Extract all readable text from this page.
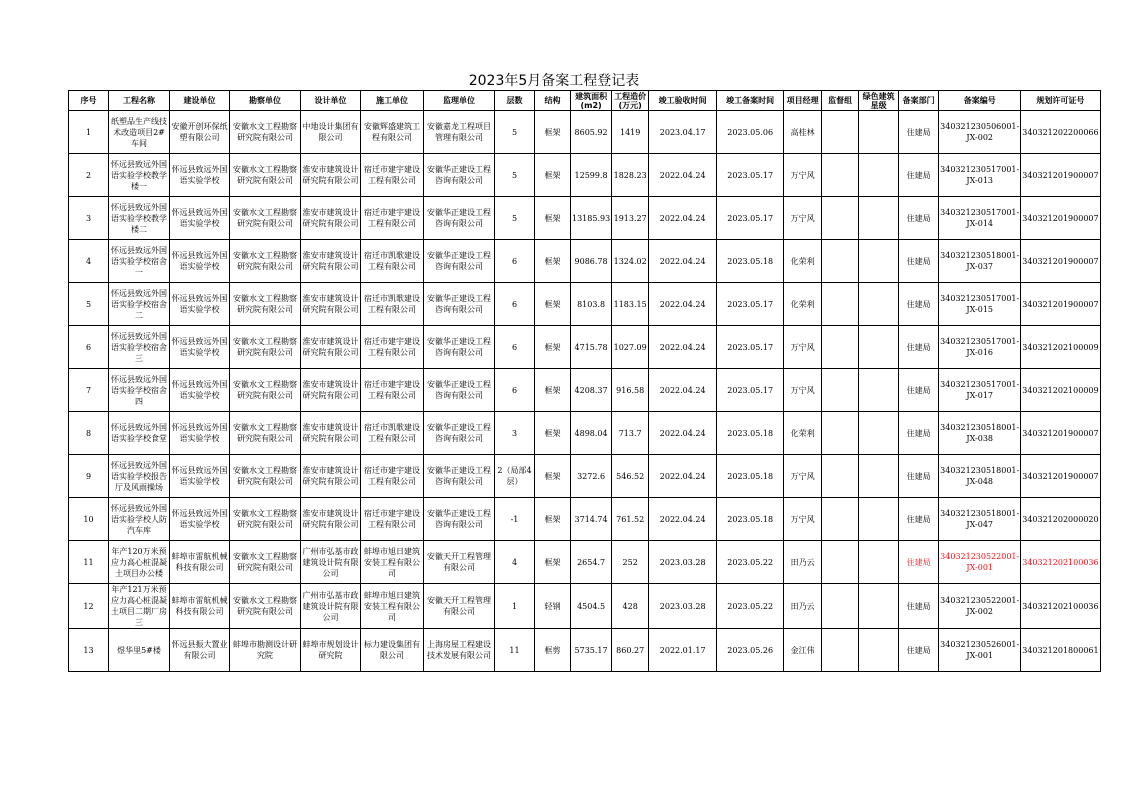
2023年5月备案工程登记表
序号	工程名称	建设单位	勘察单位	设计单位	施工单位	监理单位	层数	结构	建筑面积(m2)	工程造价(万元)	竣工验收时间	竣工备案时间	项目经理	监督组	绿色建筑星级	备案部门	备案编号	规划许可证号
1	纸塑品生产线技术改造项目2#车间	安徽开创环保纸塑有限公司	安徽水文工程勘察研究院有限公司	中地设计集团有限公司	安徽辉盛建筑工程有限公司	安徽嘉龙工程项目管理有限公司	5	框架	8605.92	1419	2023.04.17	2023.05.06	高桂林			住建局	340321230506001-JX-002	340321202200066
2	怀远县致远外国语实验学校教学楼一	怀远县致远外国语实验学校	安徽水文工程勘察研究院有限公司	淮安市建筑设计研究院有限公司	宿迁市建宇建设工程有限公司	安徽华正建设工程咨询有限公司	5	框架	12599.8	1828.23	2022.04.24	2023.05.17	万宁风			住建局	340321230517001-JX-013	340321201900007
3	怀远县致远外国语实验学校教学楼二	怀远县致远外国语实验学校	安徽水文工程勘察研究院有限公司	淮安市建筑设计研究院有限公司	宿迁市建宇建设工程有限公司	安徽华正建设工程咨询有限公司	5	框架	13185.93	1913.27	2022.04.24	2023.05.17	万宁风			住建局	340321230517001-JX-014	340321201900007
4	怀远县致远外国语实验学校宿舍一	怀远县致远外国语实验学校	安徽水文工程勘察研究院有限公司	淮安市建筑设计研究院有限公司	宿迁市凯歌建设工程有限公司	安徽华正建设工程咨询有限公司	6	框架	9086.78	1324.02	2022.04.24	2023.05.18	化荣利			住建局	340321230518001-JX-037	340321201900007
5	怀远县致远外国语实验学校宿舍二	怀远县致远外国语实验学校	安徽水文工程勘察研究院有限公司	淮安市建筑设计研究院有限公司	宿迁市凯歌建设工程有限公司	安徽华正建设工程咨询有限公司	6	框架	8103.8	1183.15	2022.04.24	2023.05.17	化荣利			住建局	340321230517001-JX-015	340321201900007
6	怀远县致远外国语实验学校宿舍三	怀远县致远外国语实验学校	安徽水文工程勘察研究院有限公司	淮安市建筑设计研究院有限公司	宿迁市建宇建设工程有限公司	安徽华正建设工程咨询有限公司	6	框架	4715.78	1027.09	2022.04.24	2023.05.17	万宁风			住建局	340321230517001-JX-016	340321202100009
7	怀远县致远外国语实验学校宿舍四	怀远县致远外国语实验学校	安徽水文工程勘察研究院有限公司	淮安市建筑设计研究院有限公司	宿迁市建宇建设工程有限公司	安徽华正建设工程咨询有限公司	6	框架	4208.37	916.58	2022.04.24	2023.05.17	万宁风			住建局	340321230517001-JX-017	340321202100009
8	怀远县致远外国语实验学校食堂	怀远县致远外国语实验学校	安徽水文工程勘察研究院有限公司	淮安市建筑设计研究院有限公司	宿迁市凯歌建设工程有限公司	安徽华正建设工程咨询有限公司	3	框架	4898.04	713.7	2022.04.24	2023.05.18	化荣利			住建局	340321230518001-JX-038	340321201900007
9	怀远县致远外国语实验学校报告厅及风雨操场	怀远县致远外国语实验学校	安徽水文工程勘察研究院有限公司	淮安市建筑设计研究院有限公司	宿迁市建宇建设工程有限公司	安徽华正建设工程咨询有限公司	2（局部4层）	框架	3272.6	546.52	2022.04.24	2023.05.18	万宁风			住建局	340321230518001-JX-048	340321201900007
10	怀远县致远外国语实验学校人防汽车库	怀远县致远外国语实验学校	安徽水文工程勘察研究院有限公司	淮安市建筑设计研究院有限公司	宿迁市建宇建设工程有限公司	安徽华正建设工程咨询有限公司	-1	框架	3714.74	761.52	2022.04.24	2023.05.18	万宁风			住建局	340321230518001-JX-047	340321202000020
11	年产120万米预应力高心桩混凝土项目办公楼	蚌埠市雷航机械科技有限公司	安徽水文工程勘察研究院有限公司	广州市弘基市政建筑设计院有限公司	蚌埠市旭日建筑安装工程有限公司	安徽天开工程管理有限公司	4	框架	2654.7	252	2023.03.28	2023.05.22	田乃云			住建局	340321230522001-JX-001	340321202100036
12	年产121万米预应力高心桩混凝土项目二期厂房三	蚌埠市雷航机械科技有限公司	安徽水文工程勘察研究院有限公司	广州市弘基市政建筑设计院有限公司	蚌埠市旭日建筑安装工程有限公司	安徽天开工程管理有限公司	1	轻钢	4504.5	428	2023.03.28	2023.05.22	田乃云			住建局	340321230522001-JX-002	340321202100036
13	煜华里5#楼	怀远县振大置业有限公司	蚌埠市勘测设计研究院	蚌埠市规划设计研究院	标力建设集团有限公司	上海房屋工程建设技术发展有限公司	11	框剪	5735.17	860.27	2022.01.17	2023.05.26	金江伟			住建局	340321230526001-JX-001	340321201800061
